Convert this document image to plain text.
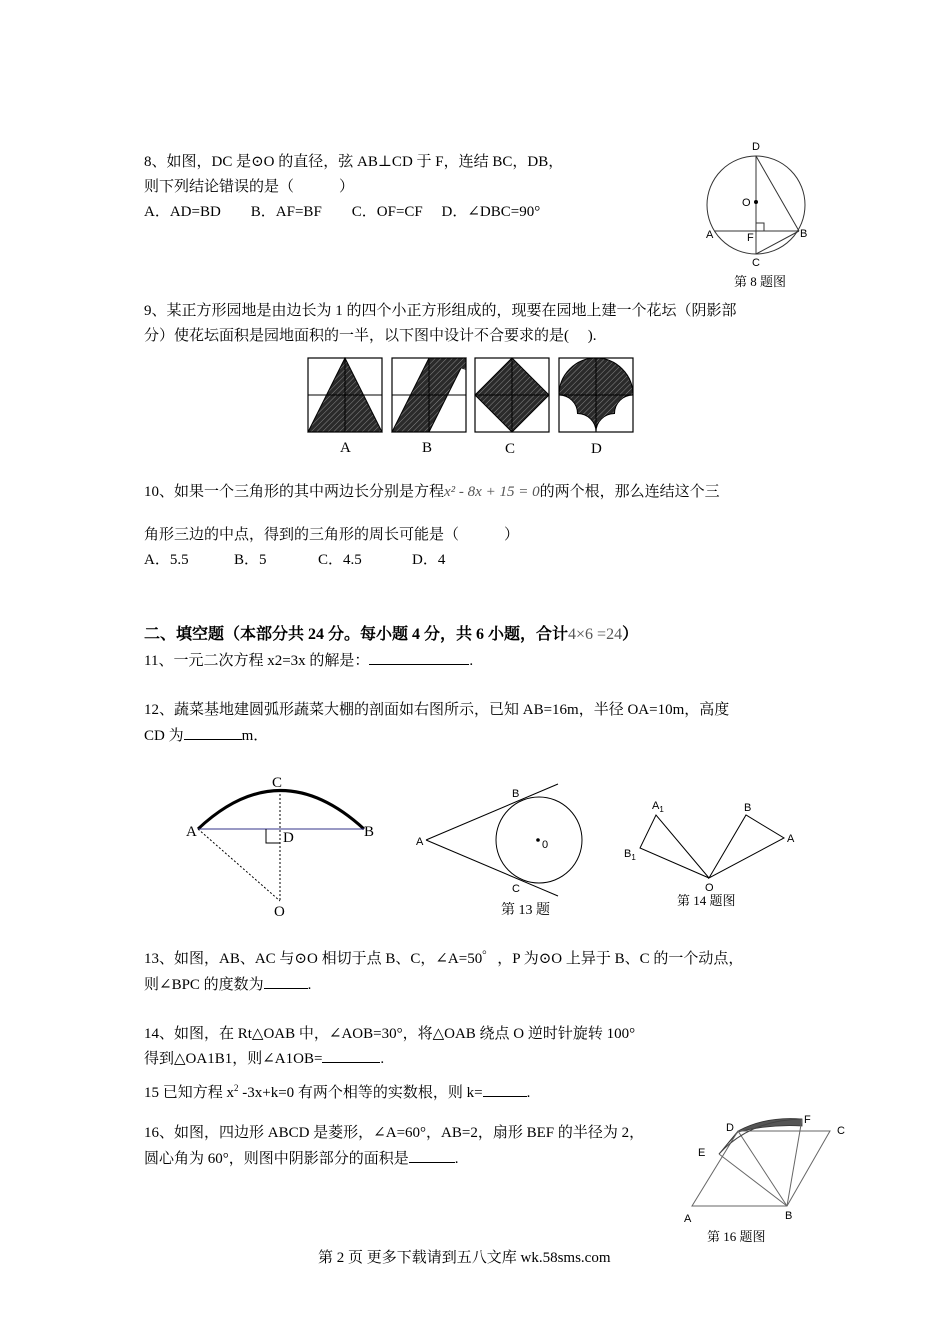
8、如图，DC 是⊙O 的直径，弦 AB⊥CD 于 F，连结 BC，DB，
则下列结论错误的是（　　　）
A．AD=BD　　B．AF=BF　　C．OF=CF　 D．∠DBC=90°
D
O
A	F	B
C
第 8 题图
9、某正方形园地是由边长为 1 的四个小正方形组成的，现要在园地上建一个花坛（阴影部
分）使花坛面积是园地面积的一半，以下图中设计不合要求的是(　 ).
A	B	C	D
10、如果一个三角形的其中两边长分别是方程x² - 8x + 15 = 0的两个根，那么连结这个三
角形三边的中点，得到的三角形的周长可能是（　　　）
A．5.5	B．5	C．4.5	D．4
二、填空题（本部分共 24 分。每小题 4 分，共 6 小题，合计4×6 =24）
11、一元二次方程 x2=3x 的解是：	.
12、蔬菜基地建圆弧形蔬菜大棚的剖面如右图所示，已知 AB=16m，半径 OA=10m，高度
CD 为	m．
C
A	D	B
O
B
A	0
C
第 13 题
$A_1$	B
A
$B_1$
O
第 14 题图
13、如图，AB、AC 与⊙O 相切于点 B、C，∠A=50゜，P 为⊙O 上异于 B、C 的一个动点，
则∠BPC 的度数为	.
14、如图，在 Rt△OAB 中，∠AOB=30°，将△OAB 绕点 O 逆时针旋转 100°
得到△OA1B1，则∠A1OB=	.
15 已知方程 $x^2$ -3x+k=0 有两个相等的实数根，则 k=	.
16、如图，四边形 ABCD 是菱形，∠A=60°，AB=2，扇形 BEF 的半径为 2，
圆心角为 60°，则图中阴影部分的面积是	.
D
F
C
E
A	B
第 16 题图
第 2 页 更多下载请到五八文库 wk.58sms.com
